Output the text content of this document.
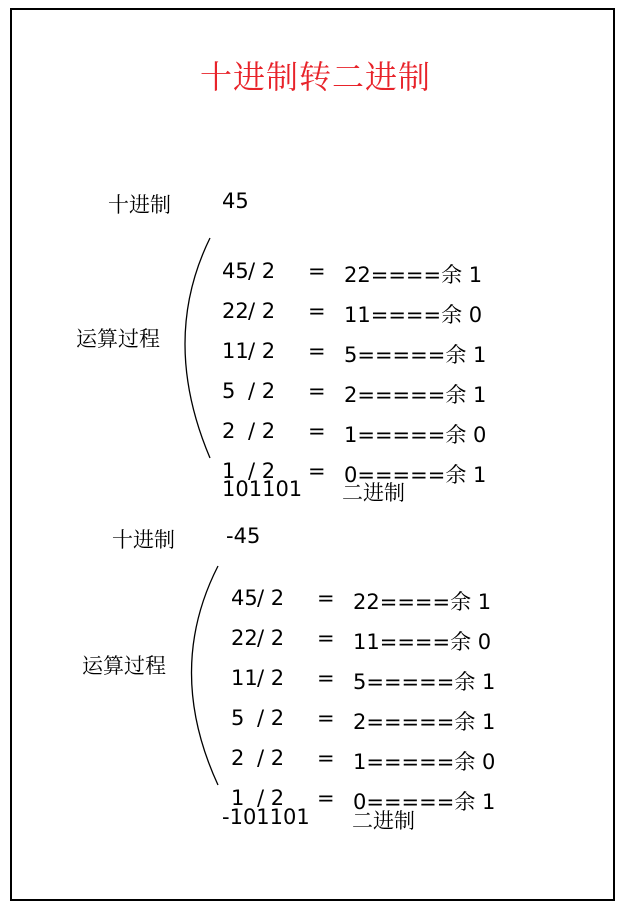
十进制转二进制
十进制 45
运算过程

45 / 2 = 22====余 1

22 / 2 = 11====余 0

11 / 2 = 5=====余 1

5 / 2 = 2=====余 1

2 / 2 = 1=====余 0

1 / 2 = 0=====余 1

101101 二进制
十进制 -45
运算过程

45 / 2 = 22====余 1

22 / 2 = 11====余 0

11 / 2 = 5=====余 1

5 / 2 = 2=====余 1

2 / 2 = 1=====余 0

1 / 2 = 0=====余 1

-101101 二进制
